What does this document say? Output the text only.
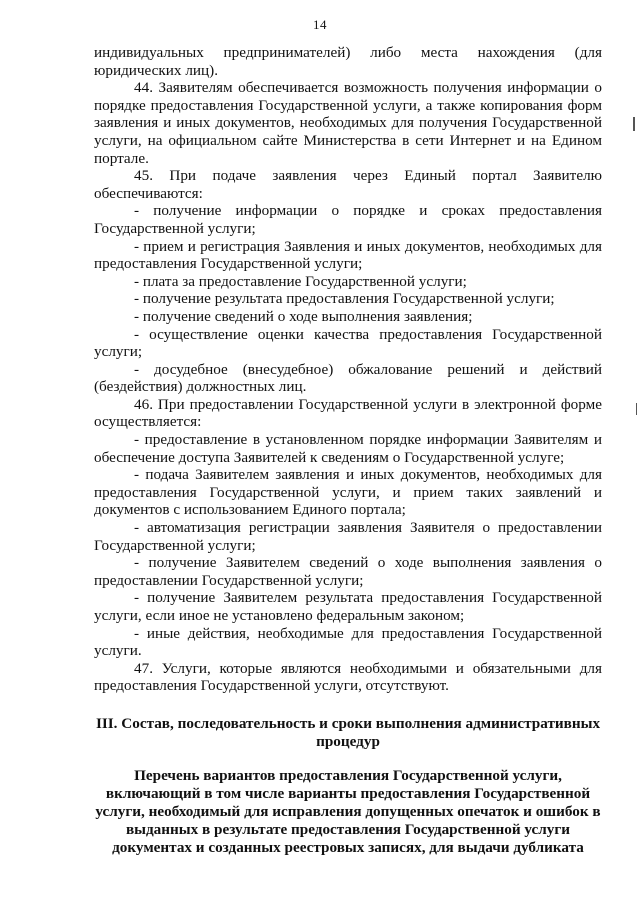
14

индивидуальных предпринимателей) либо места нахождения (для юридических лиц).

44. Заявителям обеспечивается возможность получения информации о порядке предоставления Государственной услуги, а также копирования форм заявления и иных документов, необходимых для получения Государственной услуги, на официальном сайте Министерства в сети Интернет и на Едином портале.

45. При подаче заявления через Единый портал Заявителю обеспечиваются:

- получение информации о порядке и сроках предоставления Государственной услуги;

- прием и регистрация Заявления и иных документов, необходимых для предоставления Государственной услуги;

- плата за предоставление Государственной услуги;

- получение результата предоставления Государственной услуги;

- получение сведений о ходе выполнения заявления;

- осуществление оценки качества предоставления Государственной услуги;

- досудебное (внесудебное) обжалование решений и действий (бездействия) должностных лиц.

46. При предоставлении Государственной услуги в электронной форме осуществляется:

- предоставление в установленном порядке информации Заявителям и обеспечение доступа Заявителей к сведениям о Государственной услуге;

- подача Заявителем заявления и иных документов, необходимых для предоставления Государственной услуги, и прием таких заявлений и документов с использованием Единого портала;

- автоматизация регистрации заявления Заявителя о предоставлении Государственной услуги;

- получение Заявителем сведений о ходе выполнения заявления о предоставлении Государственной услуги;

- получение Заявителем результата предоставления Государственной услуги, если иное не установлено федеральным законом;

- иные действия, необходимые для предоставления Государственной услуги.

47. Услуги, которые являются необходимыми и обязательными для предоставления Государственной услуги, отсутствуют.

III. Состав, последовательность и сроки выполнения административных процедур
Перечень вариантов предоставления Государственной услуги, включающий в том числе варианты предоставления Государственной услуги, необходимый для исправления допущенных опечаток и ошибок в выданных в результате предоставления Государственной услуги документах и созданных реестровых записях, для выдачи дубликата
